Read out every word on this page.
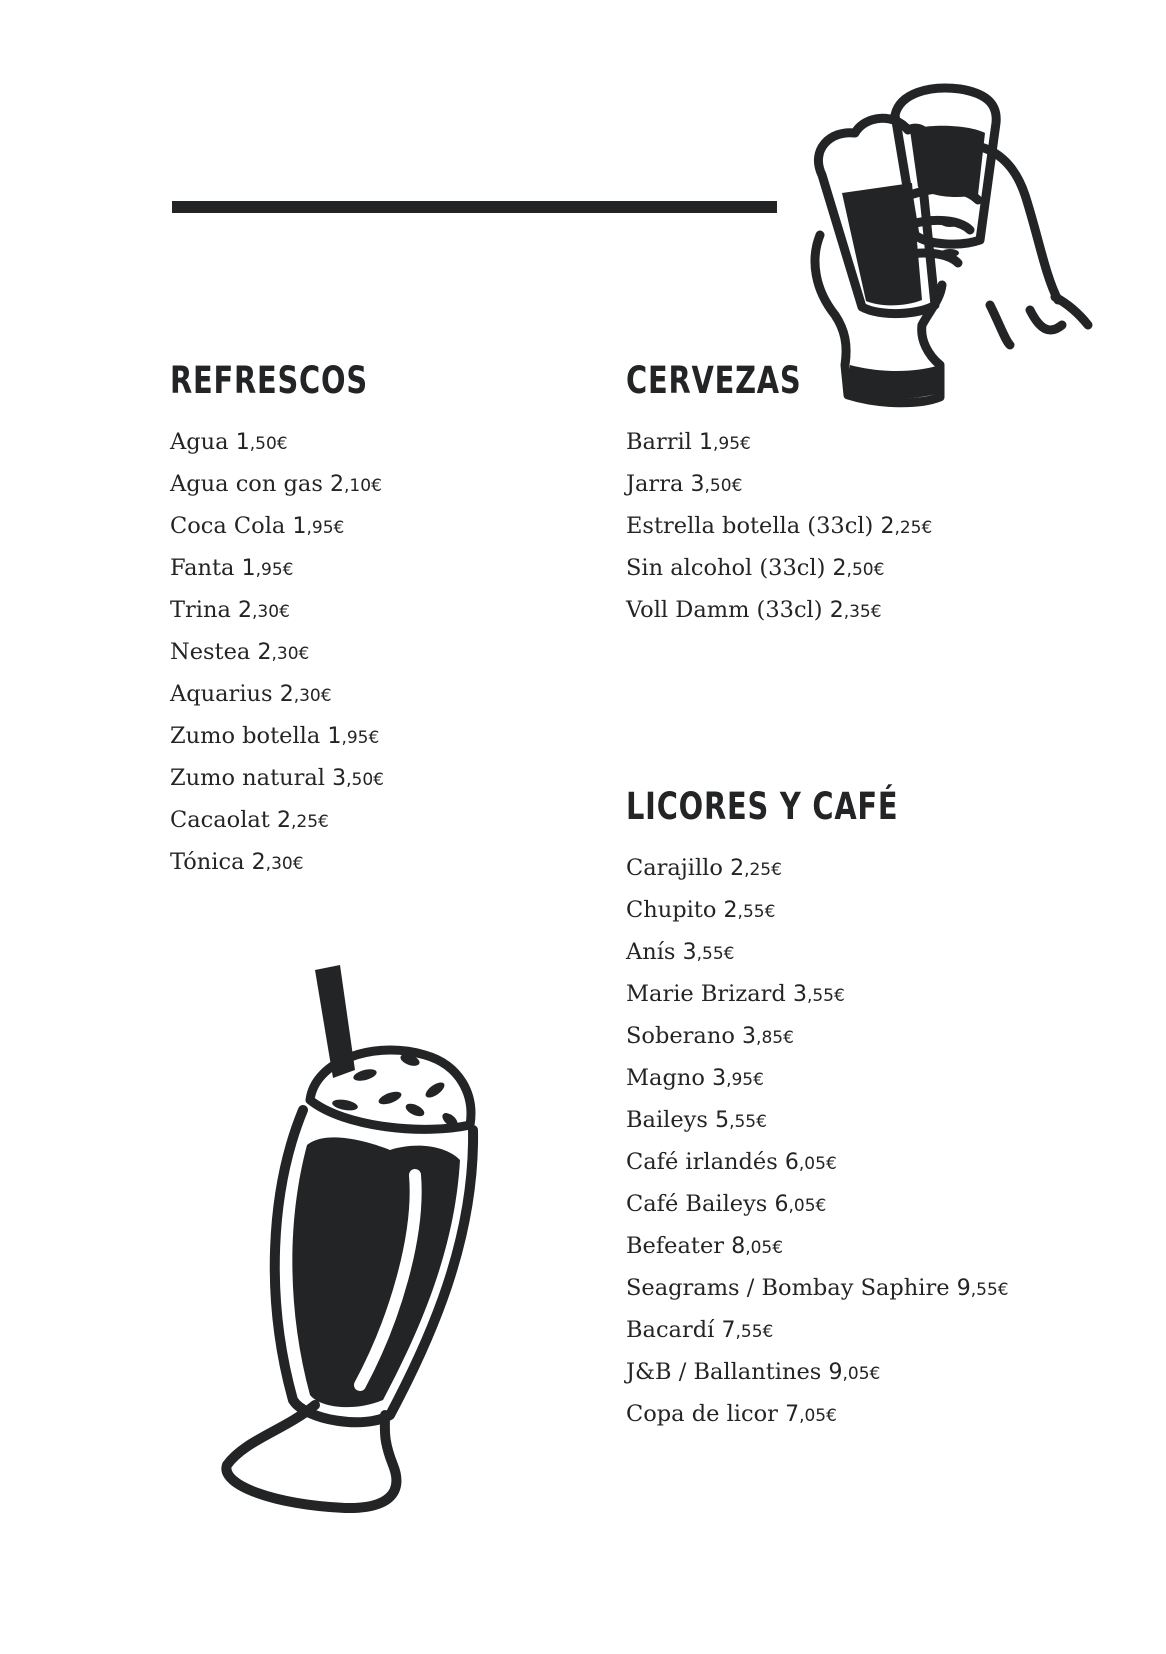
REFRESCOS
Agua 1,50€
Agua con gas 2,10€
Coca Cola 1,95€
Fanta 1,95€
Trina 2,30€
Nestea 2,30€
Aquarius 2,30€
Zumo botella 1,95€
Zumo natural 3,50€
Cacaolat 2,25€
Tónica 2,30€
CERVEZAS
Barril 1,95€
Jarra 3,50€
Estrella botella (33cl) 2,25€
Sin alcohol (33cl) 2,50€
Voll Damm (33cl) 2,35€
LICORES Y CAFÉ
Carajillo 2,25€
Chupito 2,55€
Anís 3,55€
Marie Brizard 3,55€
Soberano 3,85€
Magno 3,95€
Baileys 5,55€
Café irlandés 6,05€
Café Baileys 6,05€
Befeater 8,05€
Seagrams / Bombay Saphire 9,55€
Bacardí 7,55€
J&B / Ballantines 9,05€
Copa de licor 7,05€
